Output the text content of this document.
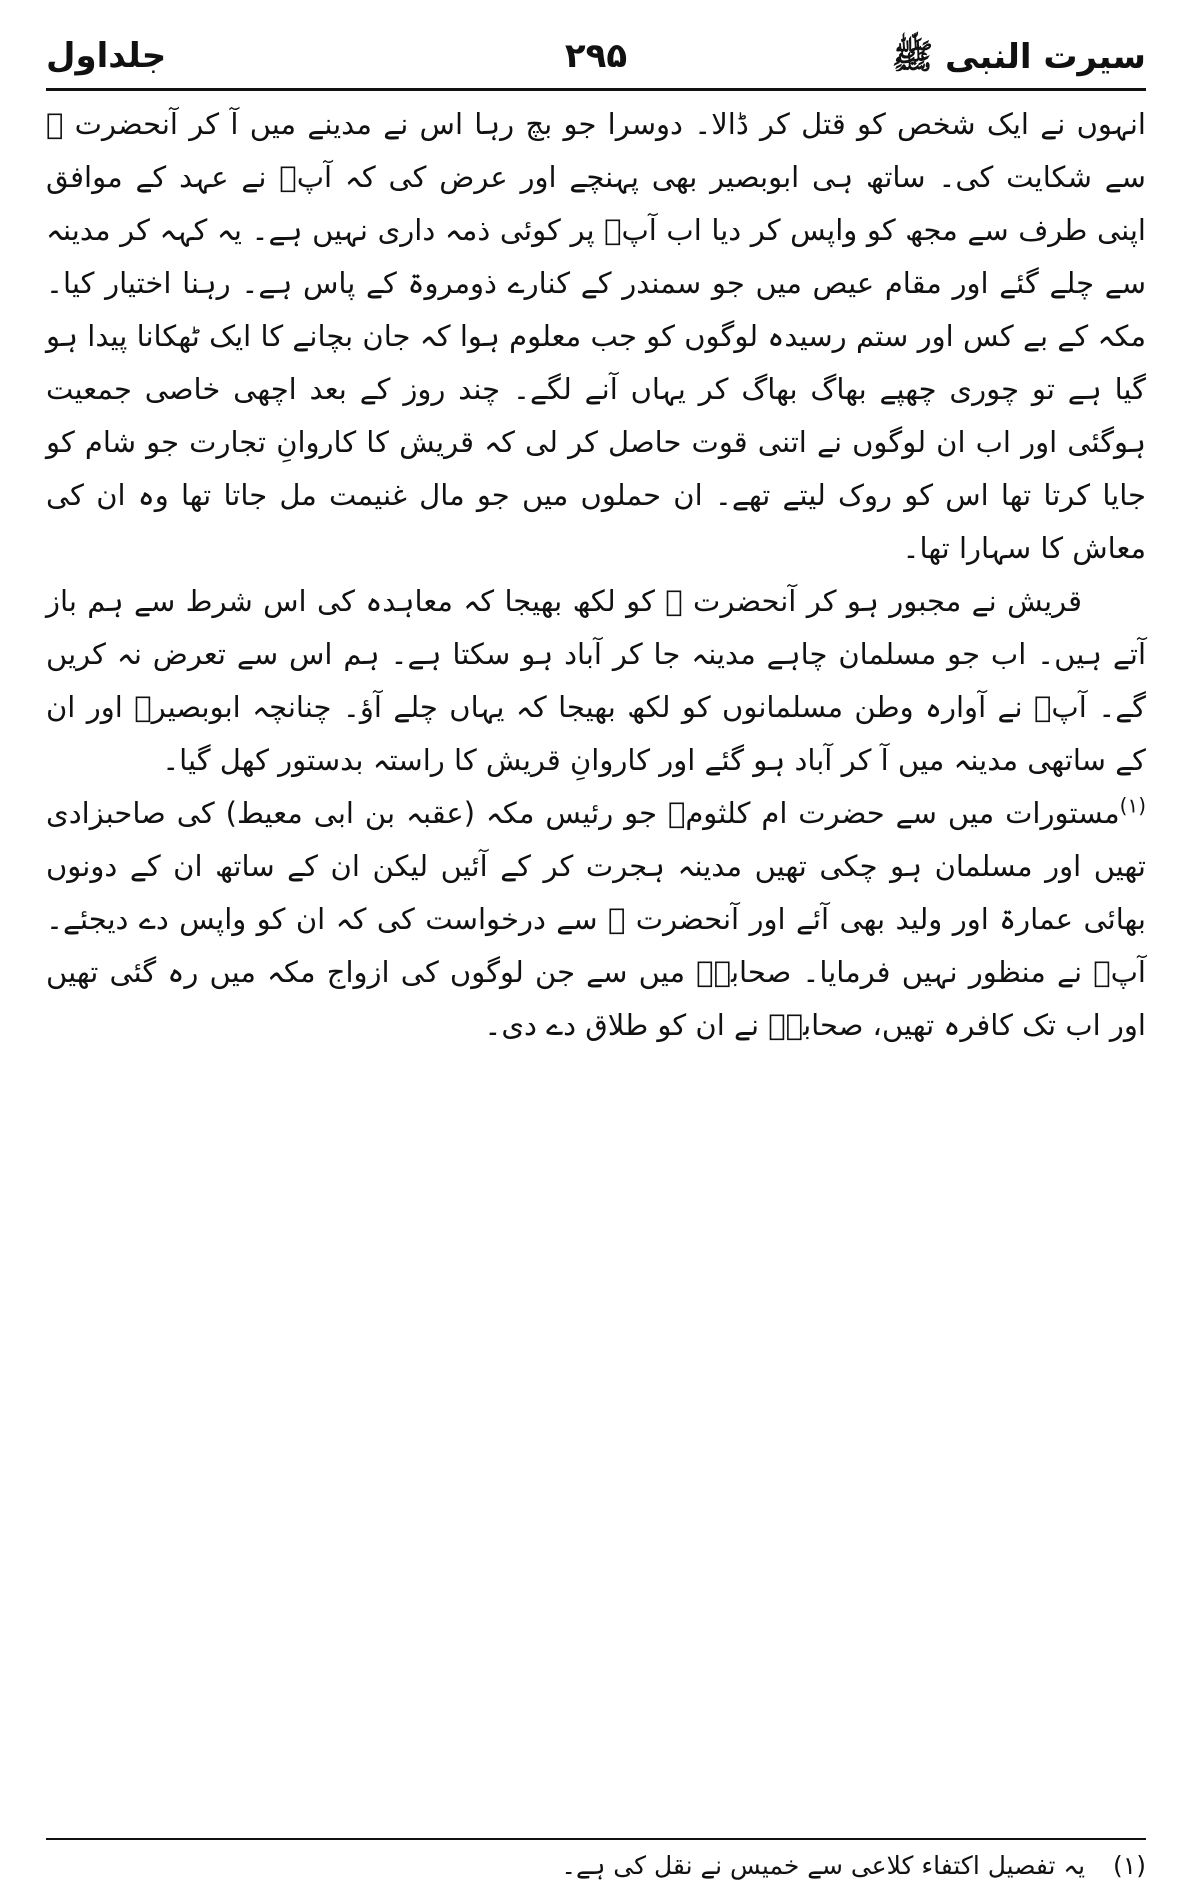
سیرت النبی ﷺ
۲۹۵
جلداول

انہوں نے ایک شخص کو قتل کر ڈالا۔ دوسرا جو بچ رہا اس نے مدینے میں آ کر آنحضرت ﷺ سے شکایت کی۔ ساتھ ہی ابوبصیر بھی پہنچے اور عرض کی کہ آپؐ نے عہد کے موافق اپنی طرف سے مجھ کو واپس کر دیا اب آپؐ پر کوئی ذمہ داری نہیں ہے۔ یہ کہہ کر مدینہ سے چلے گئے اور مقام عیص میں جو سمندر کے کنارے ذومروۃ کے پاس ہے۔ رہنا اختیار کیا۔ مکہ کے بے کس اور ستم رسیدہ لوگوں کو جب معلوم ہوا کہ جان بچانے کا ایک ٹھکانا پیدا ہو گیا ہے تو چوری چھپے بھاگ بھاگ کر یہاں آنے لگے۔ چند روز کے بعد اچھی خاصی جمعیت ہوگئی اور اب ان لوگوں نے اتنی قوت حاصل کر لی کہ قریش کا کاروانِ تجارت جو شام کو جایا کرتا تھا اس کو روک لیتے تھے۔ ان حملوں میں جو مال غنیمت مل جاتا تھا وہ ان کی معاش کا سہارا تھا۔

قریش نے مجبور ہو کر آنحضرت ﷺ کو لکھ بھیجا کہ معاہدہ کی اس شرط سے ہم باز آتے ہیں۔ اب جو مسلمان چاہے مدینہ جا کر آباد ہو سکتا ہے۔ ہم اس سے تعرض نہ کریں گے۔ آپؐ نے آوارہ وطن مسلمانوں کو لکھ بھیجا کہ یہاں چلے آؤ۔ چنانچہ ابوبصیرؓ اور ان کے ساتھی مدینہ میں آ کر آباد ہو گئے اور کاروانِ قریش کا راستہ بدستور کھل گیا۔

$^{(۱)}$مستورات میں سے حضرت ام کلثومؓ جو رئیس مکہ (عقبہ بن ابی معیط) کی صاحبزادی تھیں اور مسلمان ہو چکی تھیں مدینہ ہجرت کر کے آئیں لیکن ان کے ساتھ ان کے دونوں بھائی عمارۃ اور ولید بھی آئے اور آنحضرت ﷺ سے درخواست کی کہ ان کو واپس دے دیجئے۔ آپؐ نے منظور نہیں فرمایا۔ صحابہؓ میں سے جن لوگوں کی ازواج مکہ میں رہ گئی تھیں اور اب تک کافرہ تھیں، صحابہؓ نے ان کو طلاق دے دی۔

(۱)یہ تفصیل اکتفاء کلاعی سے خمیس نے نقل کی ہے۔
